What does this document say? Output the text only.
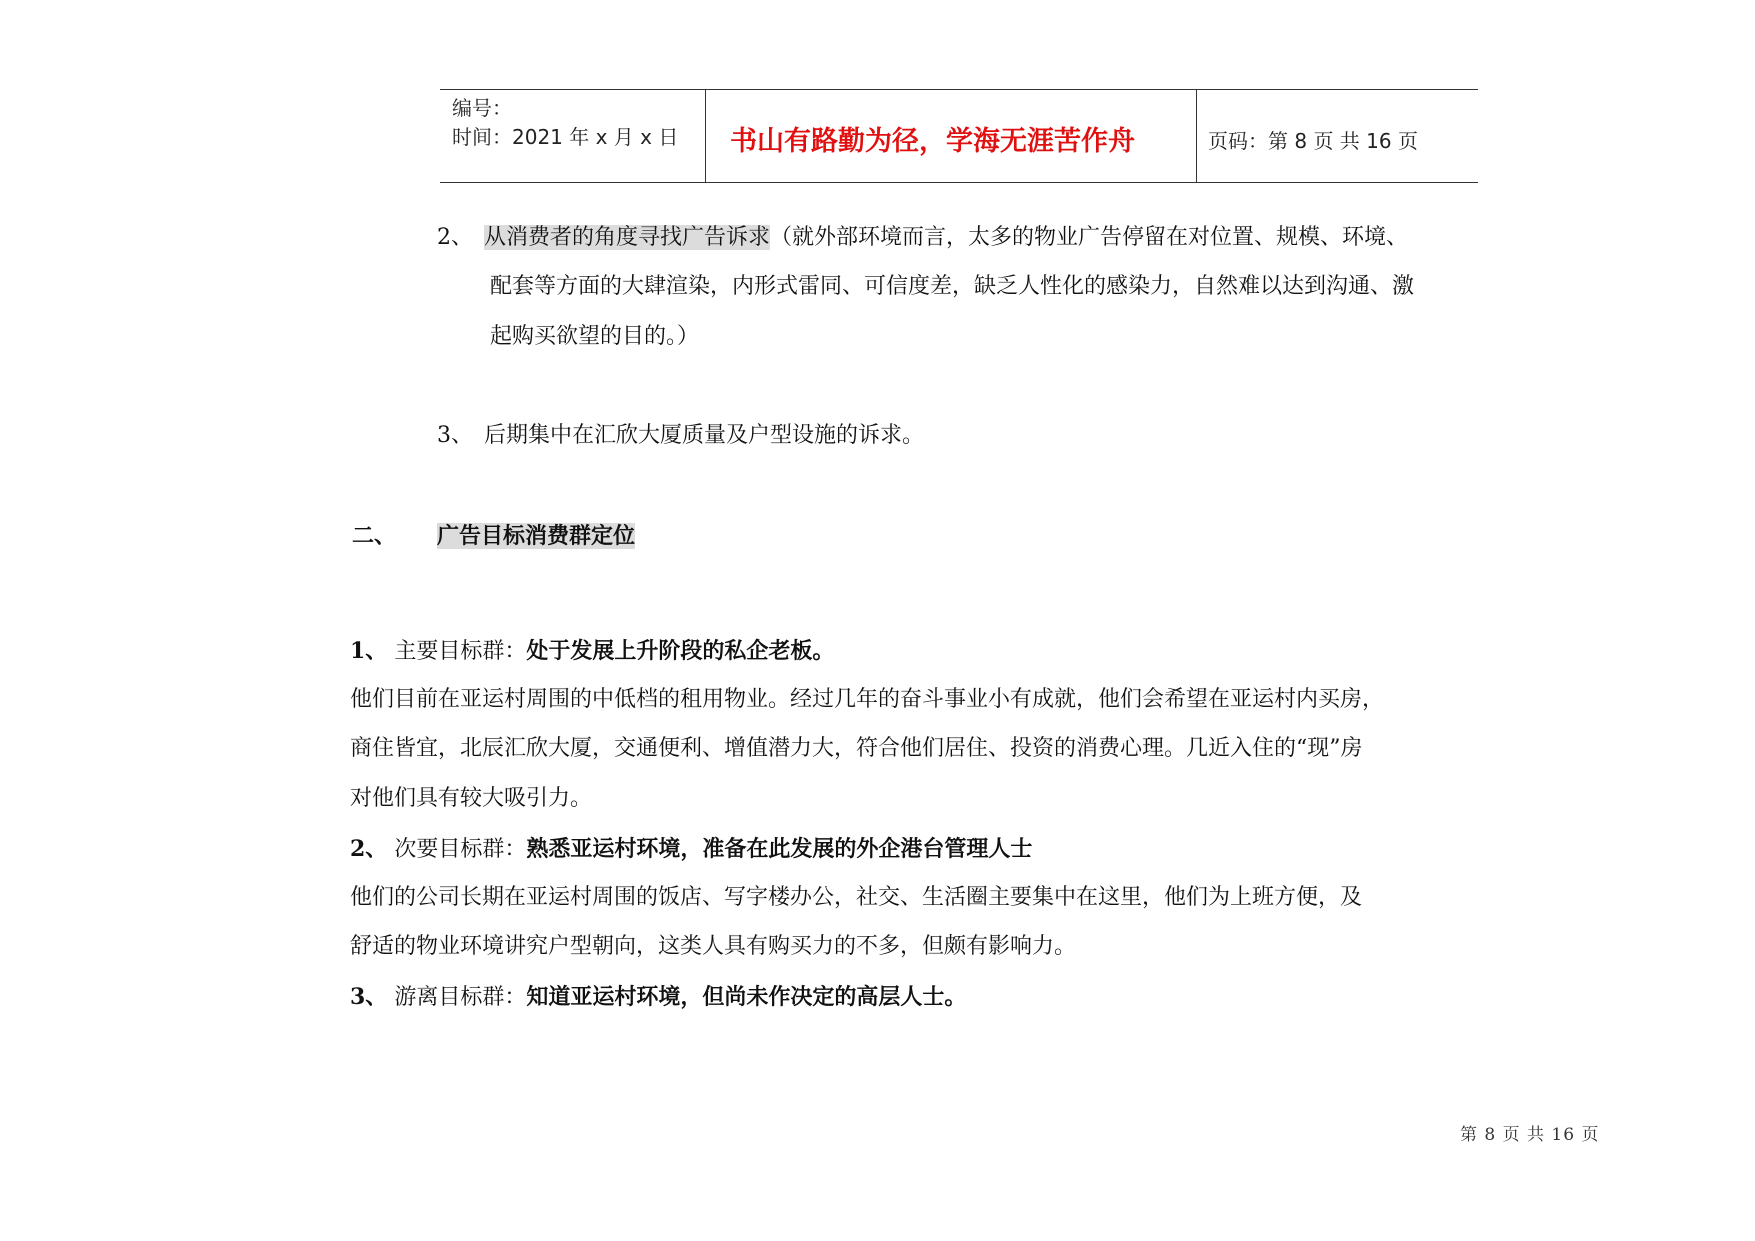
编号：
时间：2021 年 x 月 x 日 书山有路勤为径，学海无涯苦作舟	页码：第 8 页 共 16 页
2、 从消费者的角度寻找广告诉求（就外部环境而言，太多的物业广告停留在对位置、规模、环境、
配套等方面的大肆渲染，内形式雷同、可信度差，缺乏人性化的感染力，自然难以达到沟通、激
起购买欲望的目的。）
3、 后期集中在汇欣大厦质量及户型设施的诉求。
二、 广告目标消费群定位
1、 主要目标群：处于发展上升阶段的私企老板。
他们目前在亚运村周围的中低档的租用物业。经过几年的奋斗事业小有成就，他们会希望在亚运村内买房，
商住皆宜，北辰汇欣大厦，交通便利、增值潜力大，符合他们居住、投资的消费心理。几近入住的“现”房
对他们具有较大吸引力。
2、 次要目标群：熟悉亚运村环境，准备在此发展的外企港台管理人士
他们的公司长期在亚运村周围的饭店、写字楼办公，社交、生活圈主要集中在这里，他们为上班方便，及
舒适的物业环境讲究户型朝向，这类人具有购买力的不多，但颇有影响力。
3、 游离目标群：知道亚运村环境，但尚未作决定的高层人士。
第 8 页 共 16 页
